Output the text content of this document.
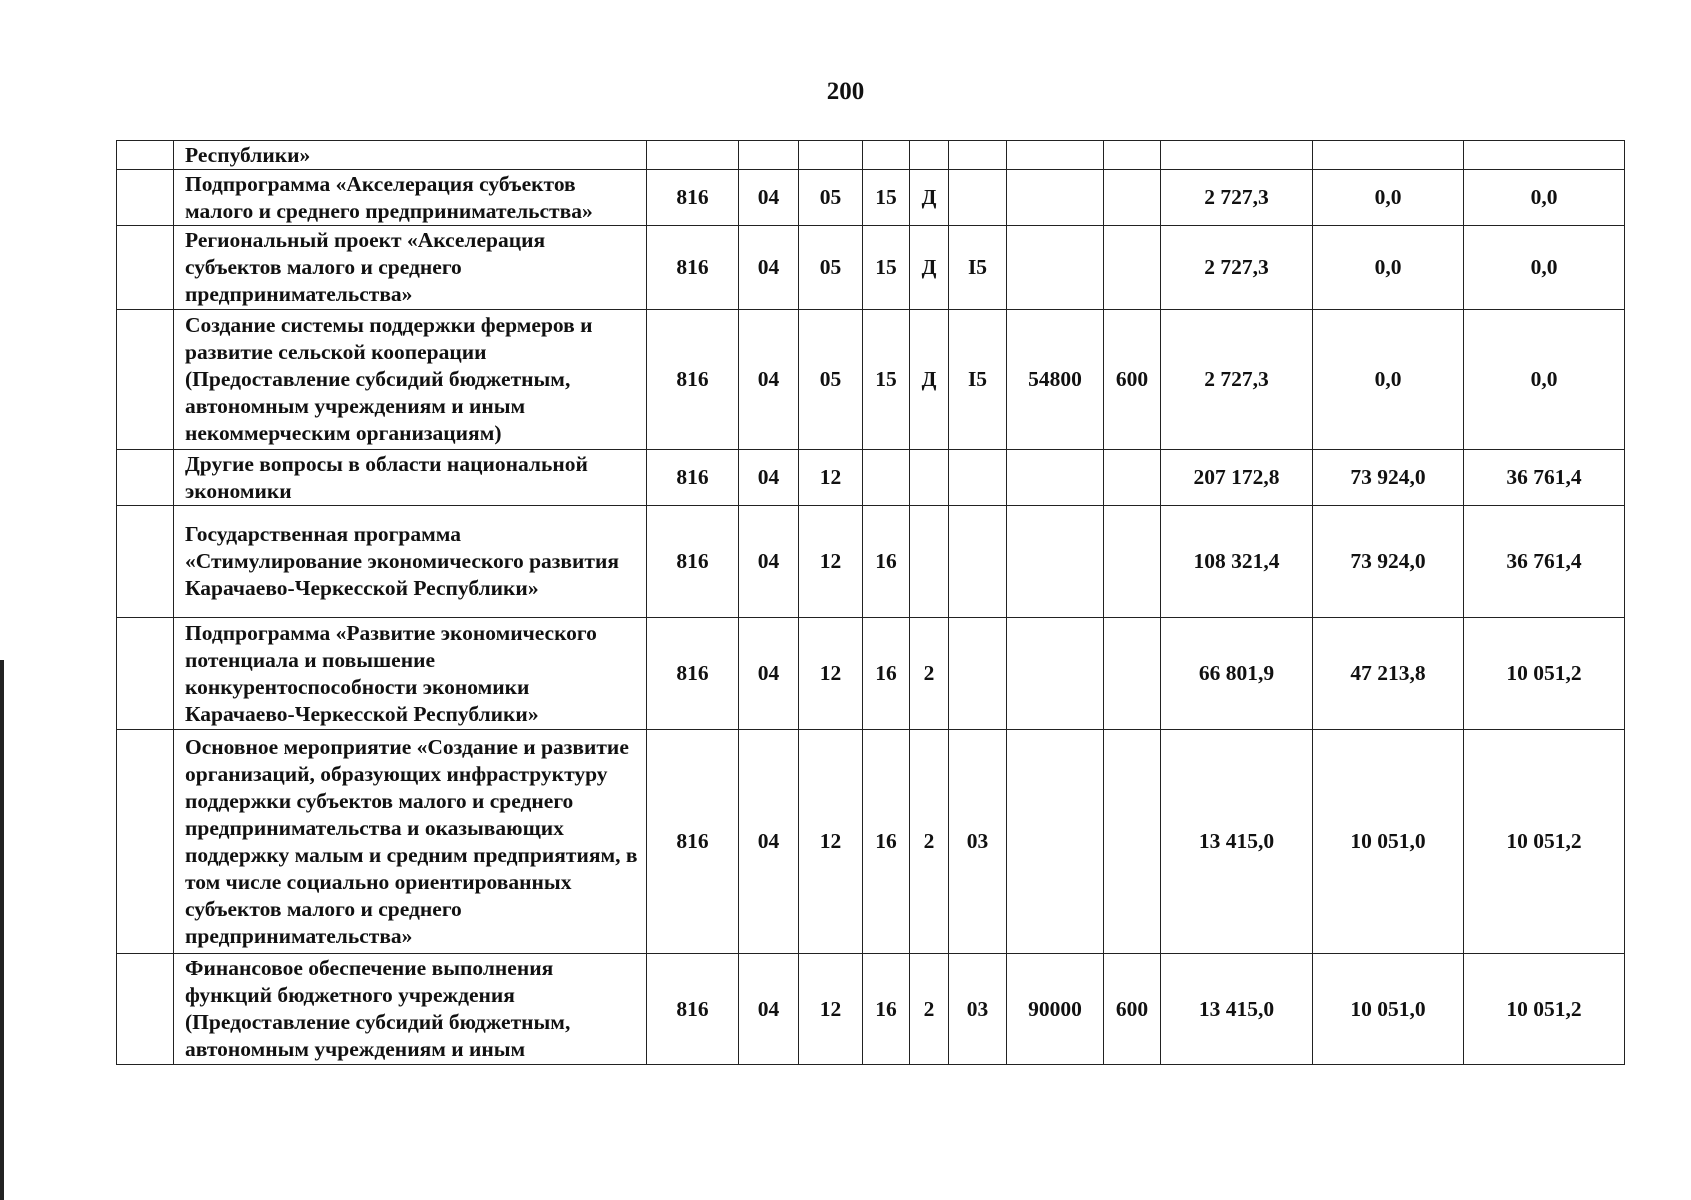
200
	Республики»											
	Подпрограмма «Акселерация субъектов малого и среднего предпринимательства»	816	04	05	15	Д				2 727,3	0,0	0,0
	Региональный проект «Акселерация субъектов малого и среднего предпринимательства»	816	04	05	15	Д	I5			2 727,3	0,0	0,0
	Создание системы поддержки фермеров и развитие сельской кооперации (Предоставление субсидий бюджетным, автономным учреждениям и иным некоммерческим организациям)	816	04	05	15	Д	I5	54800	600	2 727,3	0,0	0,0
	Другие вопросы в области национальной экономики	816	04	12						207 172,8	73 924,0	36 761,4
	Государственная программа «Стимулирование экономического развития Карачаево-Черкесской Республики»	816	04	12	16					108 321,4	73 924,0	36 761,4
	Подпрограмма «Развитие экономического потенциала и повышение конкурентоспособности экономики Карачаево-Черкесской Республики»	816	04	12	16	2				66 801,9	47 213,8	10 051,2
	Основное мероприятие «Создание и развитие организаций, образующих инфраструктуру поддержки субъектов малого и среднего предпринимательства и оказывающих поддержку малым и средним предприятиям, в том числе социально ориентированных субъектов малого и среднего предпринимательства»	816	04	12	16	2	03			13 415,0	10 051,0	10 051,2
	Финансовое обеспечение выполнения функций бюджетного учреждения (Предоставление субсидий бюджетным, автономным учреждениям и иным	816	04	12	16	2	03	90000	600	13 415,0	10 051,0	10 051,2
